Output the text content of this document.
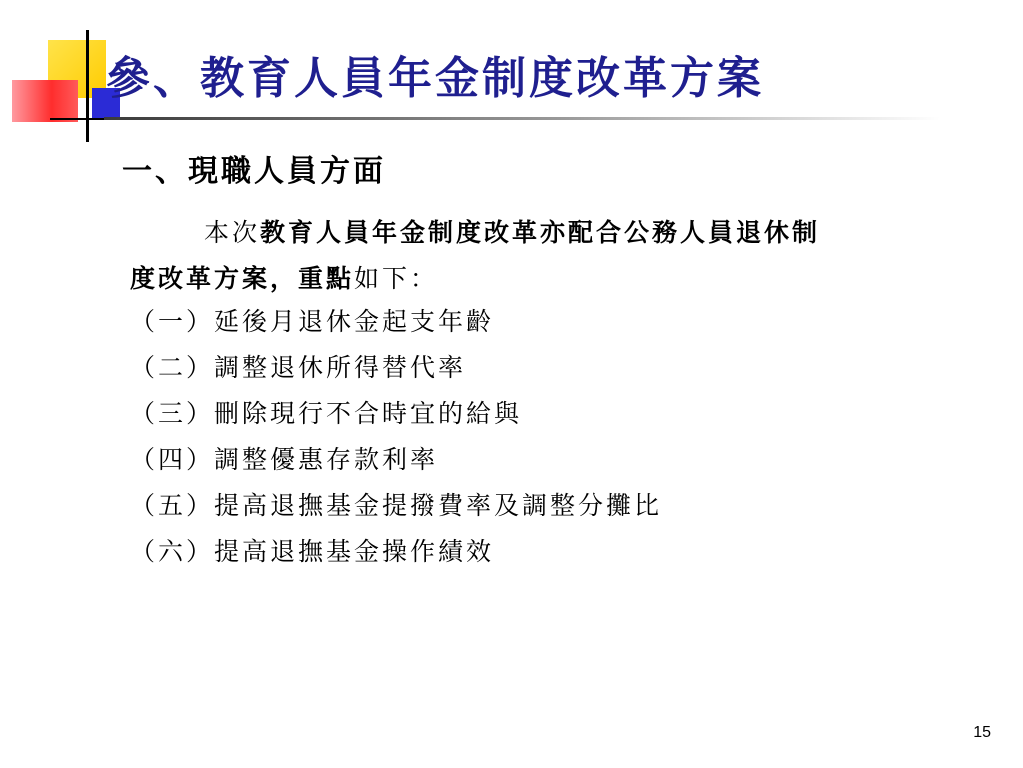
參、教育人員年金制度改革方案
一、現職人員方面

本次教育人員年金制度改革亦配合公務人員退休制
度改革方案，重點如下：

（一）延後月退休金起支年齡
（二）調整退休所得替代率
（三）刪除現行不合時宜的給與
（四）調整優惠存款利率
（五）提高退撫基金提撥費率及調整分攤比
（六）提高退撫基金操作績效
15
